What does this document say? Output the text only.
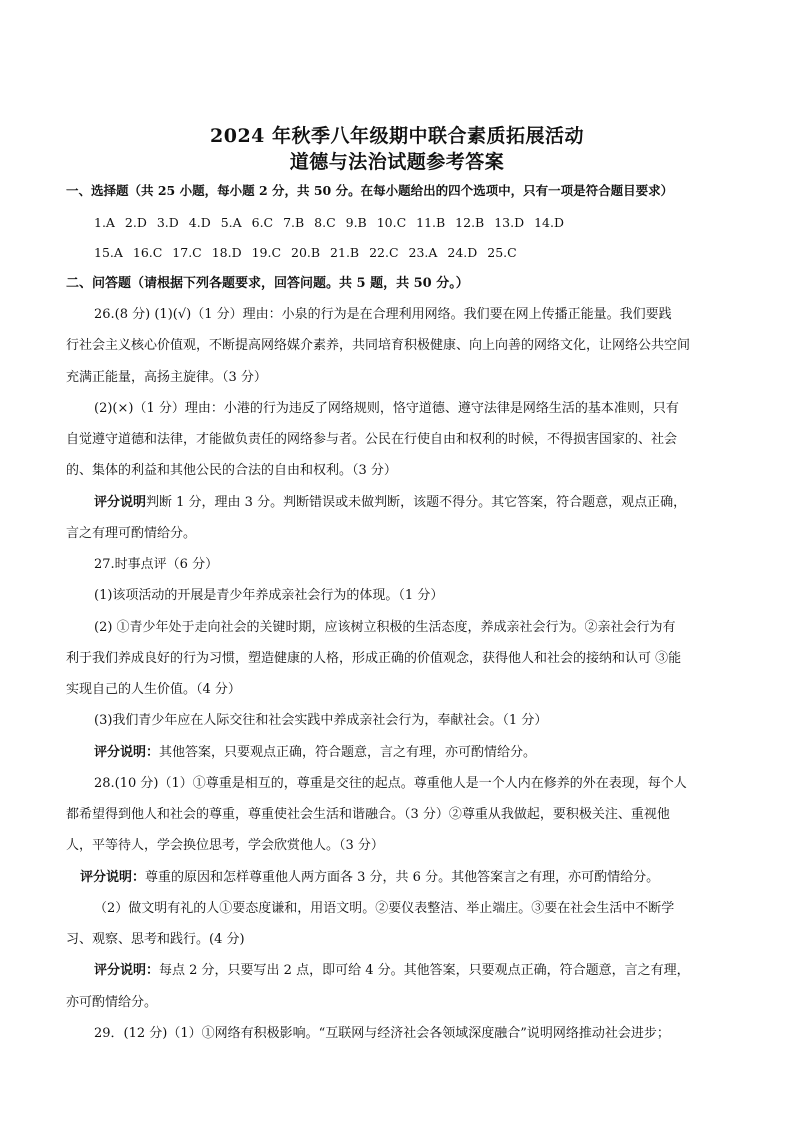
2024 年秋季八年级期中联合素质拓展活动
道德与法治试题参考答案
一、选择题（共 25 小题，每小题 2 分，共 50 分。在每小题给出的四个选项中，只有一项是符合题目要求）
1.A 2.D 3.D 4.D 5.A 6.C 7.B 8.C 9.B 10.C 11.B 12.B 13.D 14.D
15.A 16.C 17.C 18.D 19.C 20.B 21.B 22.C 23.A 24.D 25.C
二、问答题（请根据下列各题要求，回答问题。共 5 题，共 50 分。）
26.(8 分) (1)(√)（1 分）理由：小泉的行为是在合理利用网络。我们要在网上传播正能量。我们要践
行社会主义核心价值观，不断提高网络媒介素养，共同培育积极健康、向上向善的网络文化，让网络公共空间
充满正能量，高扬主旋律。（3 分）
(2)(×)（1 分）理由：小港的行为违反了网络规则，恪守道德、遵守法律是网络生活的基本准则，只有
自觉遵守道德和法律，才能做负责任的网络参与者。公民在行使自由和权利的时候，不得损害国家的、社会
的、集体的利益和其他公民的合法的自由和权利。（3 分）
评分说明判断 1 分，理由 3 分。判断错误或未做判断，该题不得分。其它答案，符合题意，观点正确，
言之有理可酌情给分。
27.时事点评（6 分）
(1)该项活动的开展是青少年养成亲社会行为的体现。（1 分）
(2) ①青少年处于走向社会的关键时期，应该树立积极的生活态度，养成亲社会行为。②亲社会行为有
利于我们养成良好的行为习惯，塑造健康的人格，形成正确的价值观念，获得他人和社会的接纳和认可 ③能
实现自己的人生价值。（4 分）
(3)我们青少年应在人际交往和社会实践中养成亲社会行为，奉献社会。（1 分）
评分说明：其他答案，只要观点正确，符合题意，言之有理，亦可酌情给分。
28.(10 分)（1）①尊重是相互的，尊重是交往的起点。尊重他人是一个人内在修养的外在表现，每个人
都希望得到他人和社会的尊重，尊重使社会生活和谐融合。（3 分）②尊重从我做起，要积极关注、重视他
人，平等待人，学会换位思考，学会欣赏他人。（3 分）
评分说明：尊重的原因和怎样尊重他人两方面各 3 分，共 6 分。其他答案言之有理，亦可酌情给分。
（2）做文明有礼的人①要态度谦和，用语文明。②要仪表整洁、举止端庄。③要在社会生活中不断学
习、观察、思考和践行。(4 分)
评分说明：每点 2 分，只要写出 2 点，即可给 4 分。其他答案，只要观点正确，符合题意，言之有理，
亦可酌情给分。
29．(12 分)（1）①网络有积极影响。“互联网与经济社会各领域深度融合”说明网络推动社会进步；
